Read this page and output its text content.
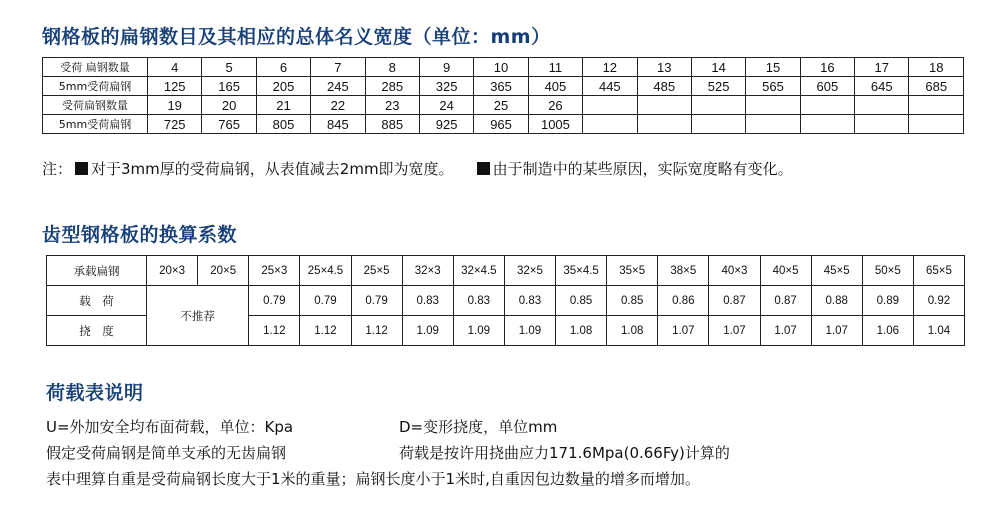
钢格板的扁钢数目及其相应的总体名义宽度（单位：mm）
受荷 扁钢数量	4	5	6	7	8	9	10	11	12	13	14	15	16	17	18
5mm受荷扁钢	125	165	205	245	285	325	365	405	445	485	525	565	605	645	685
受荷扁钢数量	19	20	21	22	23	24	25	26							
5mm受荷扁钢	725	765	805	845	885	925	965	1005							
注： 对于3mm厚的受荷扁钢，从表值减去2mm即为宽度。	由于制造中的某些原因，实际宽度略有变化。
齿型钢格板的换算系数
承载扁钢	20×3	20×5	25×3	25×4.5	25×5	32×3	32×4.5	32×5	35×4.5	35×5	38×5	40×3	40×5	45×5	50×5	65×5
载　荷	不推荐		0.79	0.79	0.79	0.83	0.83	0.83	0.85	0.85	0.86	0.87	0.87	0.88	0.89	0.92
挠　度			1.12	1.12	1.12	1.09	1.09	1.09	1.08	1.08	1.07	1.07	1.07	1.07	1.06	1.04
荷载表说明
U=外加安全均布面荷载，单位：Kpa	D=变形挠度，单位mm
假定受荷扁钢是简单支承的无齿扁钢	荷载是按许用挠曲应力171.6Mpa(0.66Fy)计算的
表中理算自重是受荷扁钢长度大于1米的重量；扁钢长度小于1米时,自重因包边数量的增多而增加。
